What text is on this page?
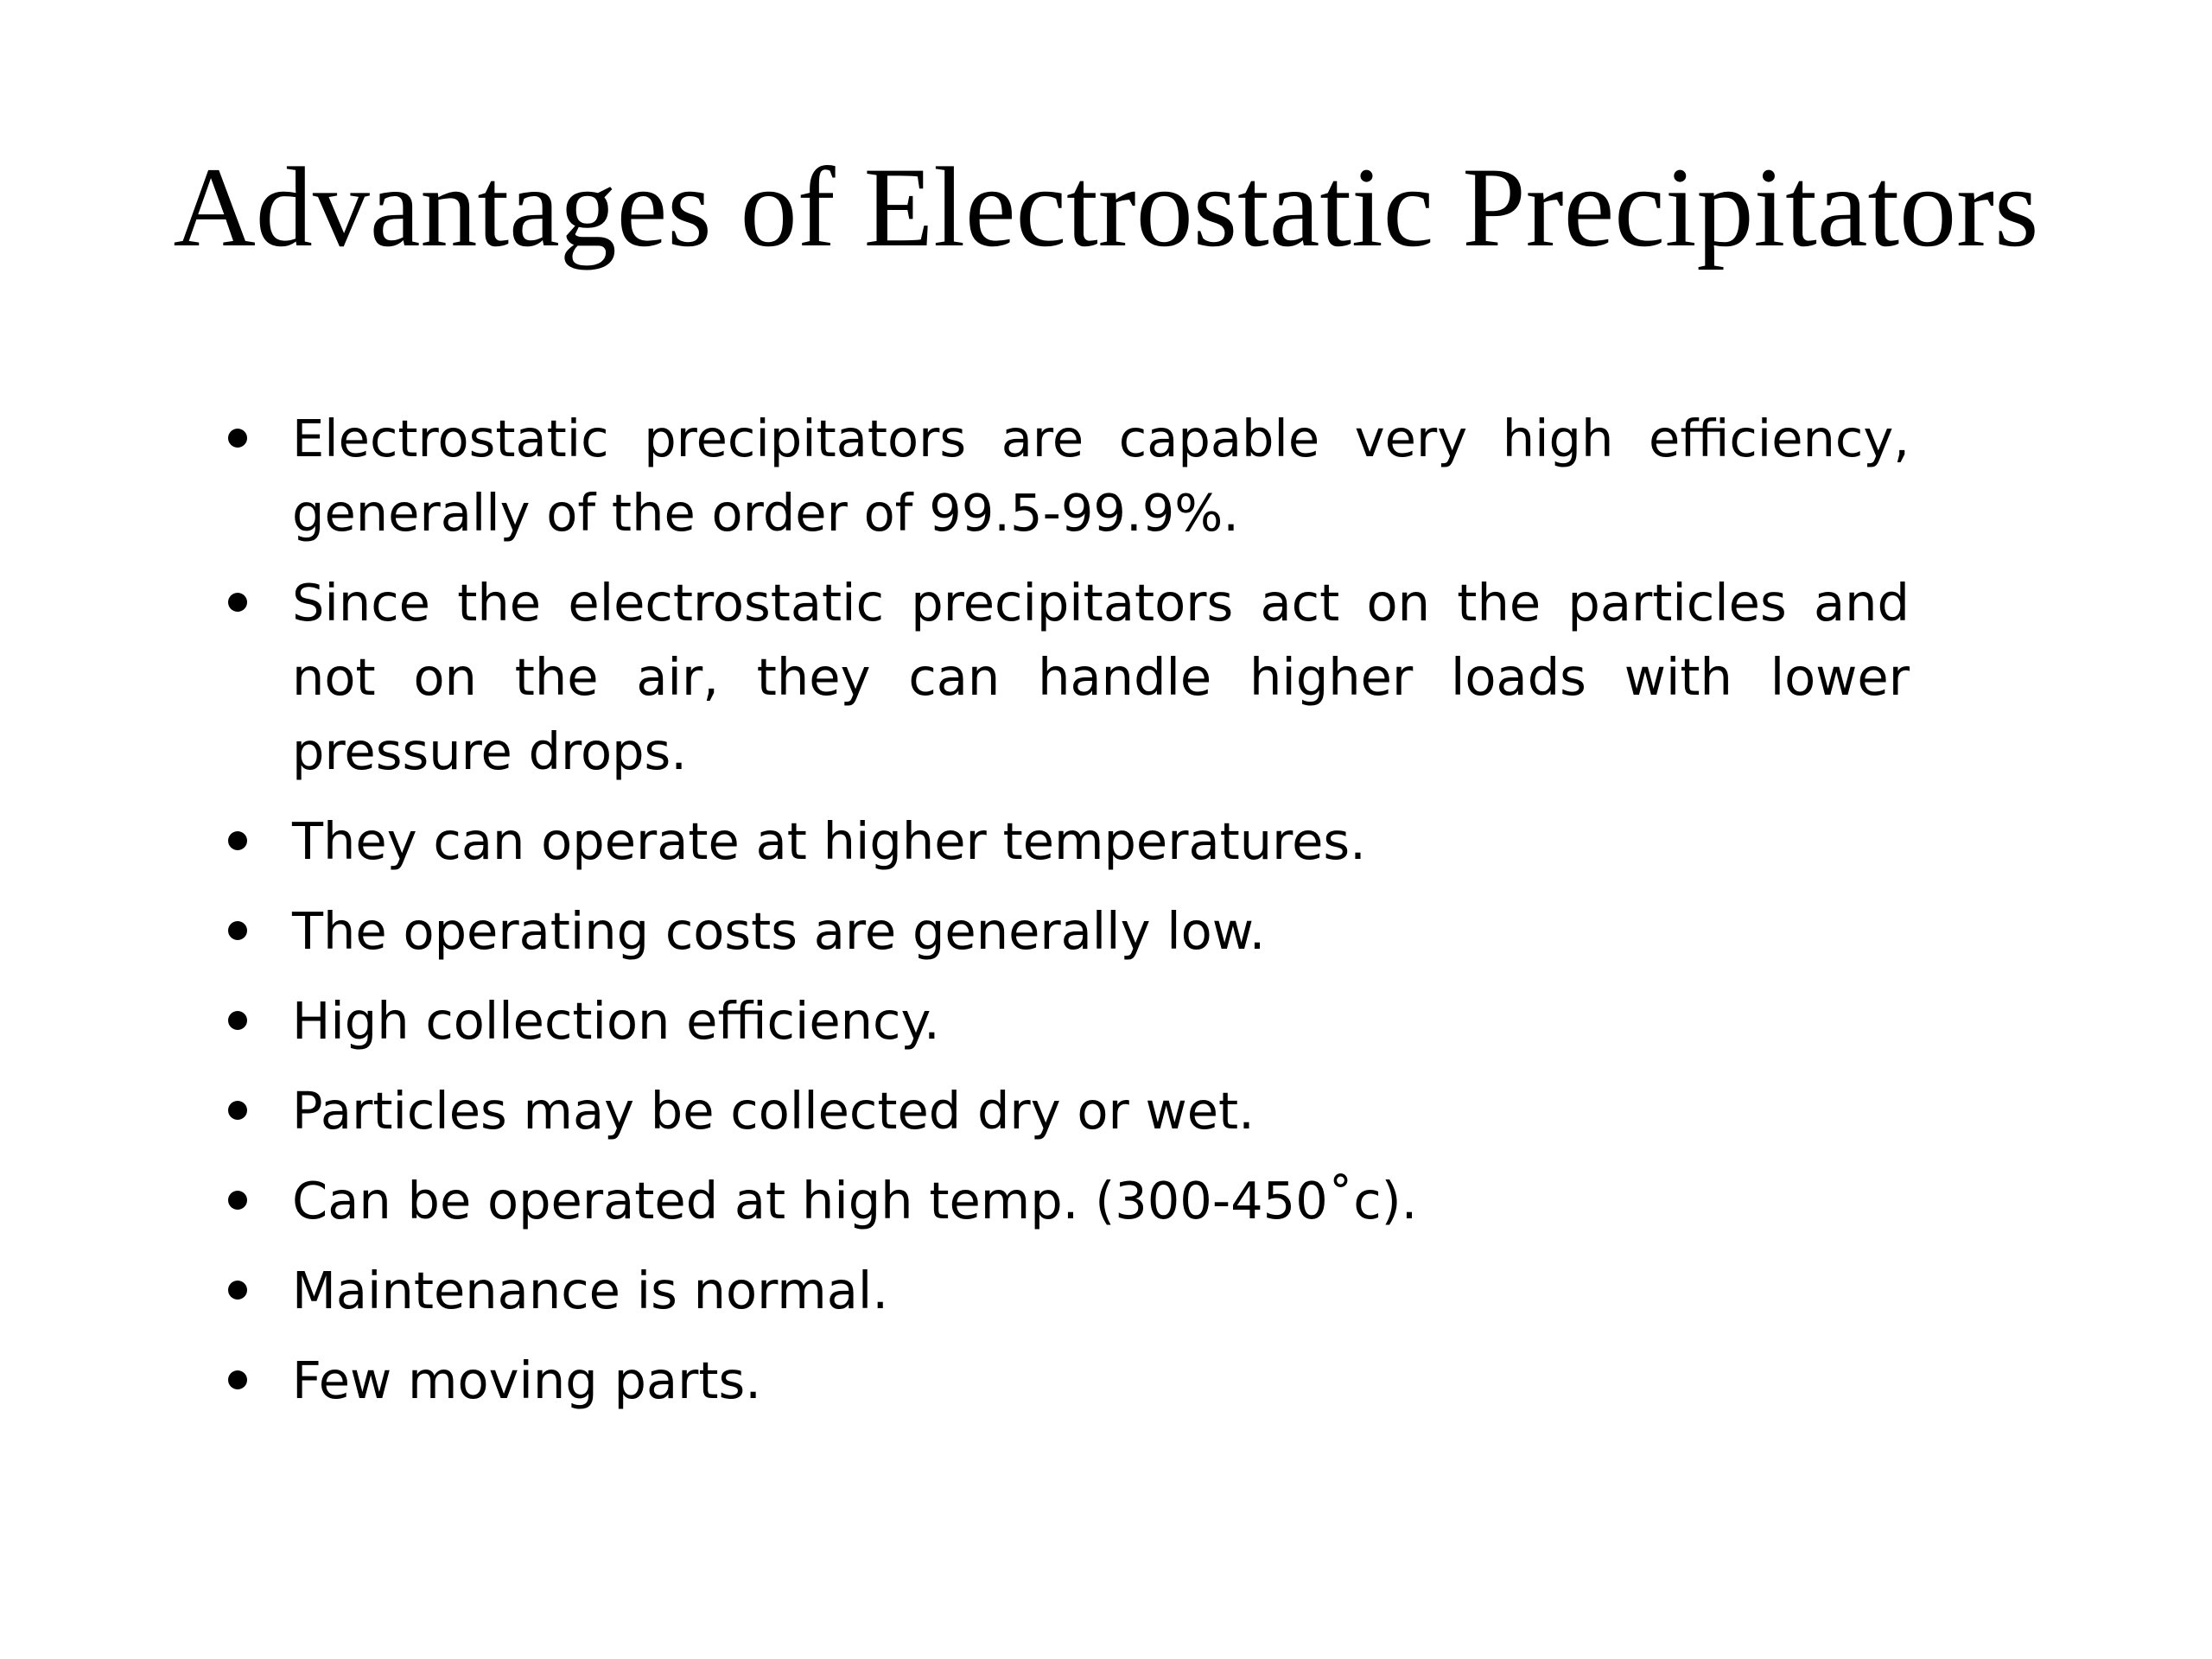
Advantages of Electrostatic Precipitators
Electrostatic precipitators are capable very high efficiency, generally of the order of 99.5-99.9%.
Since the electrostatic precipitators act on the particles and not on the air, they can handle higher loads with lower pressure drops.
They can operate at higher temperatures.
The operating costs are generally low.
High collection efficiency.
Particles may be collected dry or wet.
Can be operated at high temp. (300-450˚c).
Maintenance is normal.
Few moving parts.
